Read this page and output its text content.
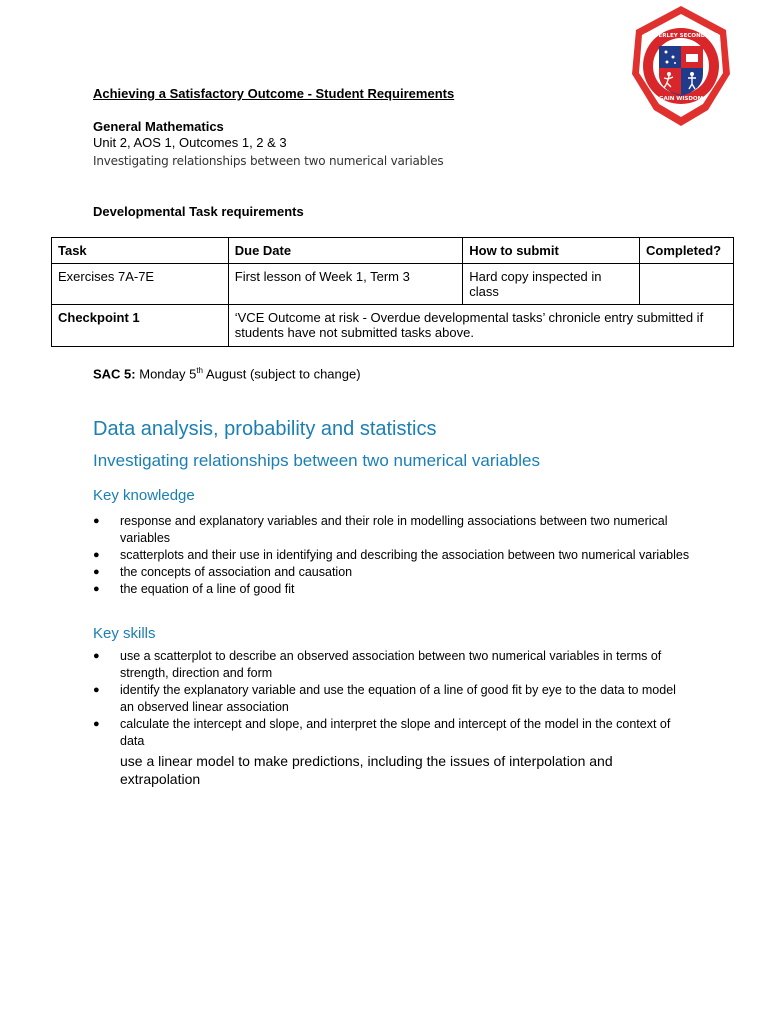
Achieving a Satisfactory Outcome - Student Requirements
General Mathematics
Unit 2, AOS 1, Outcomes 1, 2 & 3
Investigating relationships between two numerical variables
WAVERLEY SECONDARY
GAIN WISDOM
Developmental Task requirements
Task	Due Date	How to submit	Completed?
Exercises 7A-7E	First lesson of Week 1, Term 3	Hard copy inspected in class	
Checkpoint 1	‘VCE Outcome at risk - Overdue developmental tasks’ chronicle entry submitted if students have not submitted tasks above.		
SAC 5: Monday 5th August (subject to change)
Data analysis, probability and statistics
Investigating relationships between two numerical variables
Key knowledge
● response and explanatory variables and their role in modelling associations between two numerical variables
● scatterplots and their use in identifying and describing the association between two numerical variables
● the concepts of association and causation
● the equation of a line of good fit
Key skills
● use a scatterplot to describe an observed association between two numerical variables in terms of strength, direction and form
● identify the explanatory variable and use the equation of a line of good fit by eye to the data to model an observed linear association
● calculate the intercept and slope, and interpret the slope and intercept of the model in the context of data
use a linear model to make predictions, including the issues of interpolation and extrapolation
